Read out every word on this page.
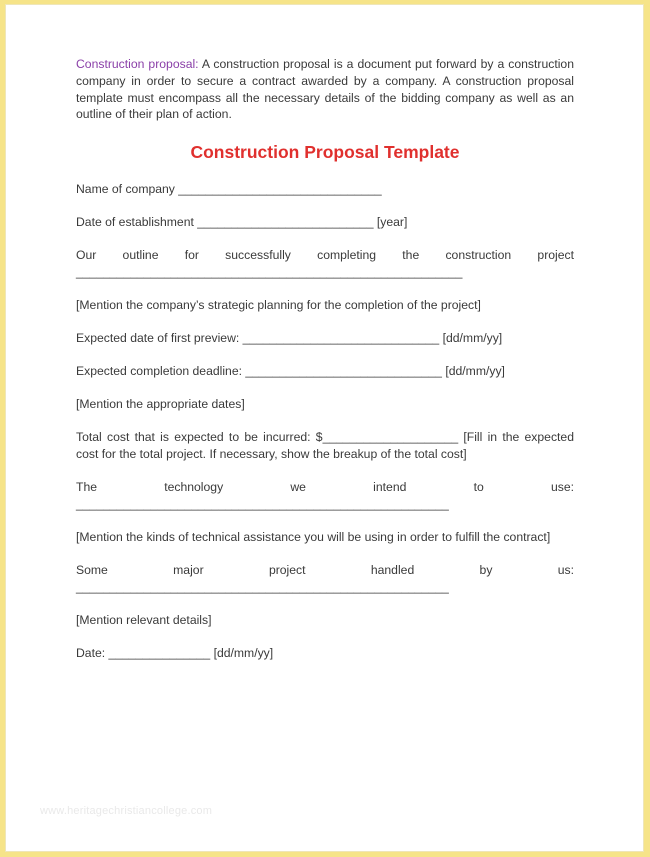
Construction proposal: A construction proposal is a document put forward by a construction company in order to secure a contract awarded by a company. A construction proposal template must encompass all the necessary details of the bidding company as well as an outline of their plan of action.

Construction Proposal Template
Name of company ______________________________
Date of establishment __________________________ [year]
Our outline for successfully completing the construction project
_________________________________________________________
[Mention the company’s strategic planning for the completion of the project]
Expected date of first preview: _____________________________ [dd/mm/yy]
Expected completion deadline: _____________________________ [dd/mm/yy]
[Mention the appropriate dates]
Total cost that is expected to be incurred: $____________________ [Fill in the expected cost for the total project. If necessary, show the breakup of the total cost]
The technology we intend to use:
_______________________________________________________
[Mention the kinds of technical assistance you will be using in order to fulfill the contract]
Some major project handled by us:
_______________________________________________________
[Mention relevant details]
Date: _______________ [dd/mm/yy]
www.heritagechristiancollege.com
